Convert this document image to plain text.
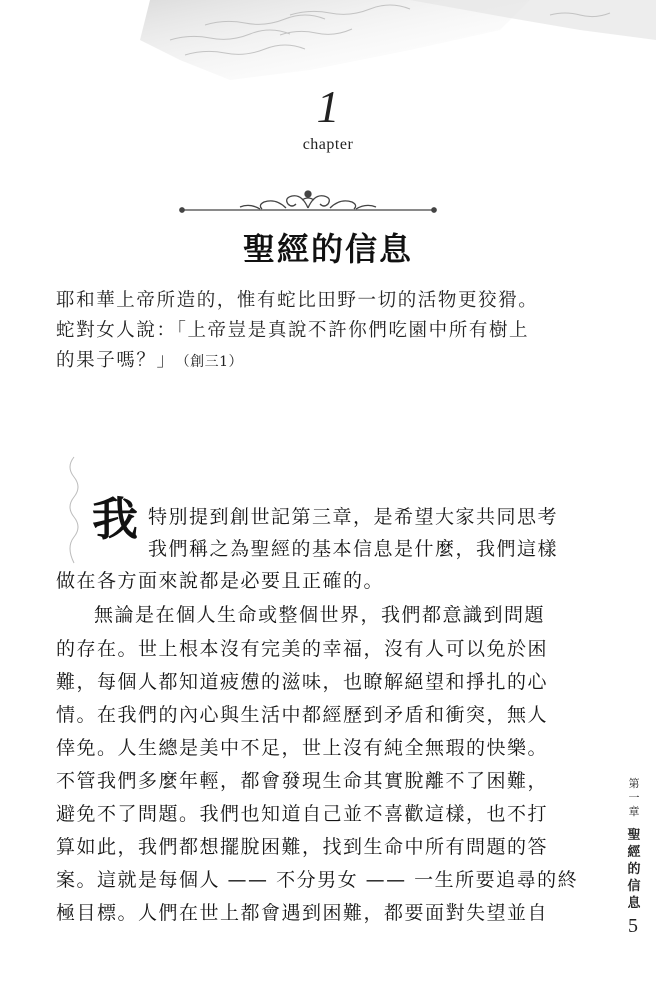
1
chapter
聖經的信息
耶和華上帝所造的，惟有蛇比田野一切的活物更狡猾。
蛇對女人說：「上帝豈是真說不許你們吃園中所有樹上
的果子嗎？」 （創三1）
我 特別提到創世記第三章，是希望大家共同思考
我們稱之為聖經的基本信息是什麼，我們這樣
做在各方面來說都是必要且正確的。
無論是在個人生命或整個世界，我們都意識到問題
的存在。世上根本沒有完美的幸福，沒有人可以免於困
難，每個人都知道疲憊的滋味，也瞭解絕望和掙扎的心
情。在我們的內心與生活中都經歷到矛盾和衝突，無人
倖免。人生總是美中不足，世上沒有純全無瑕的快樂。
不管我們多麼年輕，都會發現生命其實脫離不了困難，
避免不了問題。我們也知道自己並不喜歡這樣，也不打
算如此，我們都想擺脫困難，找到生命中所有問題的答
案。這就是每個人 —— 不分男女 —— 一生所要追尋的終
極目標。人們在世上都會遇到困難，都要面對失望並自
第
一
章
聖
經
的
信
息
5
